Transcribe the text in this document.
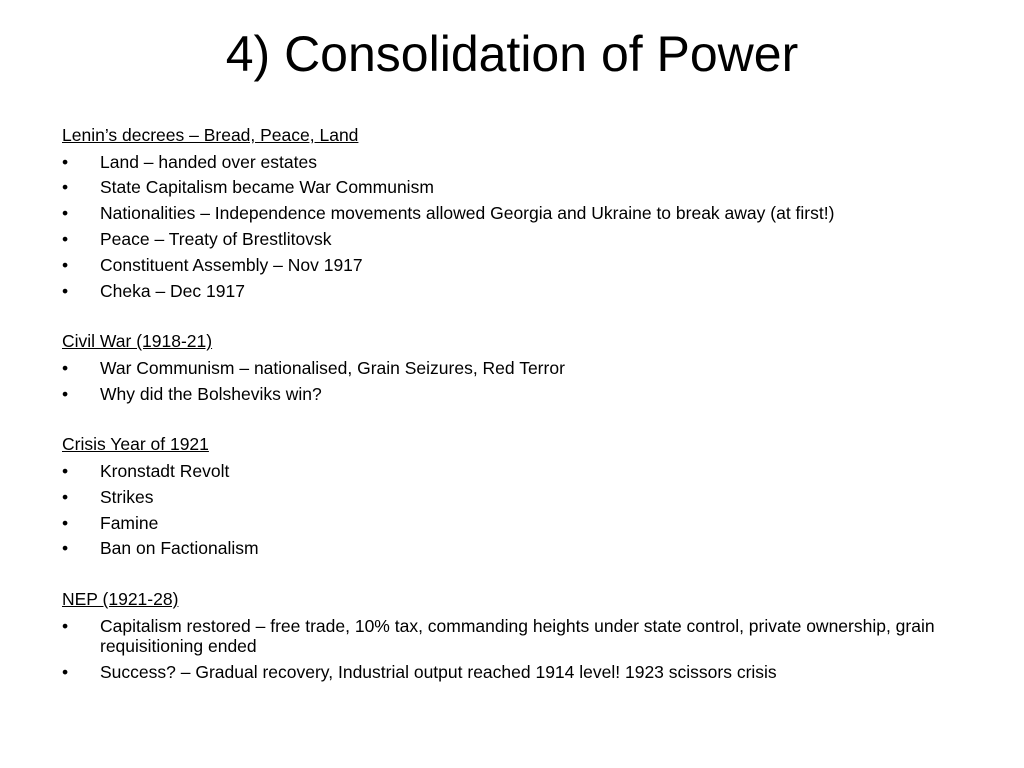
4) Consolidation of Power
Lenin’s decrees – Bread, Peace, Land
• Land – handed over estates
• State Capitalism became War Communism
• Nationalities – Independence movements allowed Georgia and Ukraine to break away (at first!)
• Peace – Treaty of Brestlitovsk
• Constituent Assembly – Nov 1917
• Cheka – Dec 1917
Civil War (1918-21)
• War Communism – nationalised, Grain Seizures, Red Terror
• Why did the Bolsheviks win?
Crisis Year of 1921
• Kronstadt Revolt
• Strikes
• Famine
• Ban on Factionalism
NEP (1921-28)
• Capitalism restored – free trade, 10% tax, commanding heights under state control, private ownership, grain requisitioning ended
• Success? – Gradual recovery, Industrial output reached 1914 level! 1923 scissors crisis
